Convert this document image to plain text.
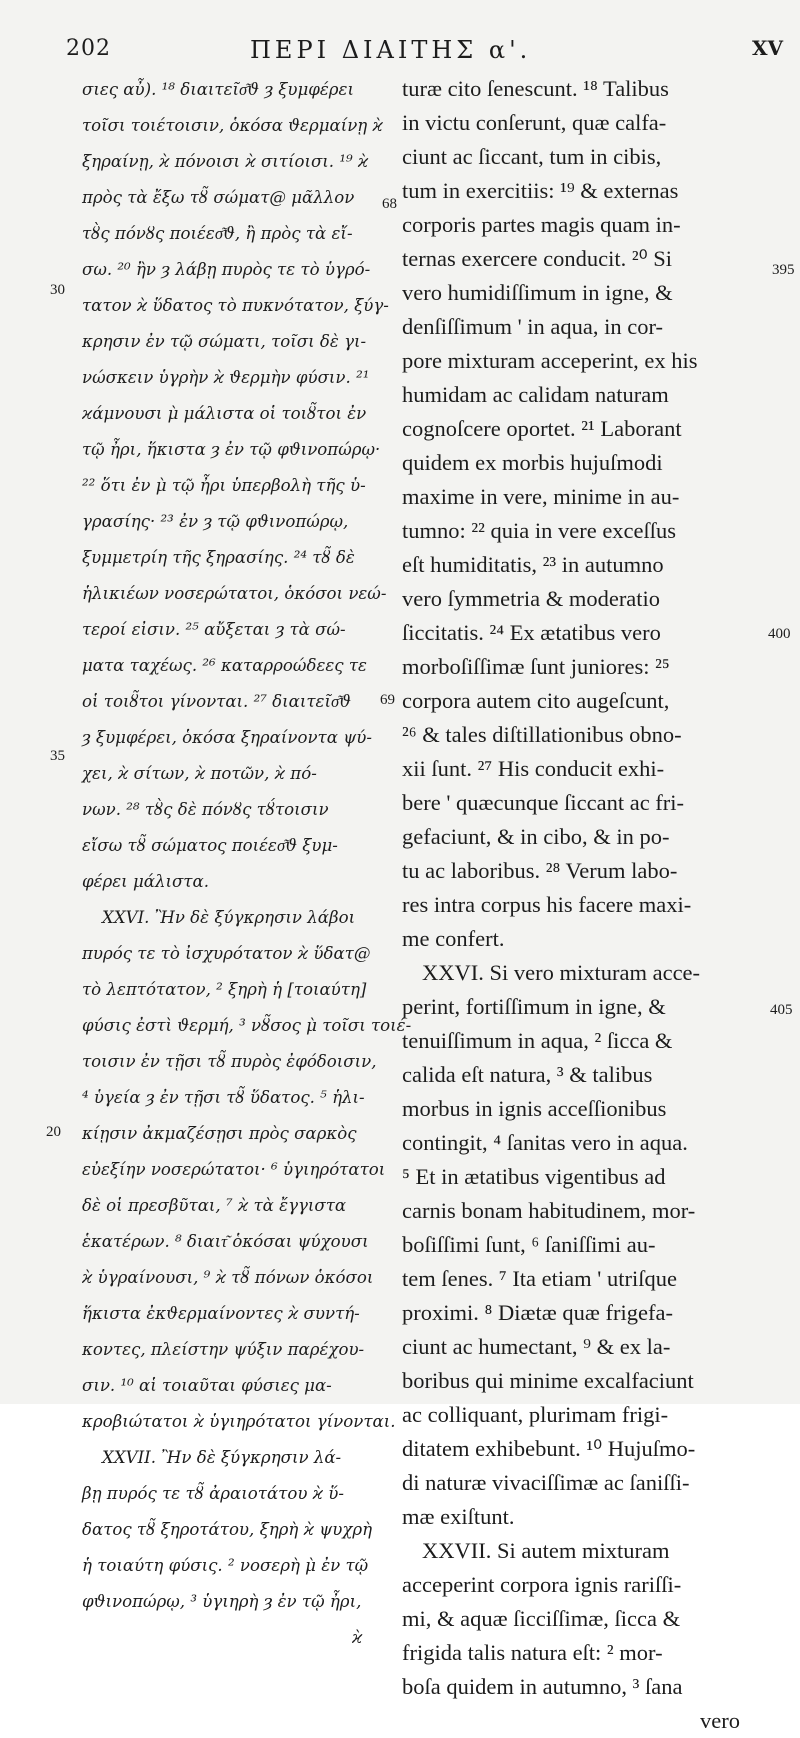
202	ΠΕΡΙ ΔΙΑΙΤΗΣ α'.	XV
σιες αὖ). ¹⁸ διαιτεῖσ͂ϑ ȝ ξυμφέρει
τοῖσι τοιέτοισιν, ὁκόσα ϑερμαίνῃ ϰ̀
ξηραίνῃ, ϰ̀ πόνοισι ϰ̀ σιτίοισι. ¹⁹ ϰ̀
πρὸς τὰ ἔξω τȣ̃ σώματ@ μᾶλλον
τȣ̀ς πόνȣς ποιέεσ͂ϑ, ἢ πρὸς τὰ εἴ-
σω. ²⁰ ἢν ȝ λάβῃ πυρὸς τε τὸ ὑγρό-
τατον ϰ̀ ὕδατος τὸ πυκνότατον, ξύγ-
κρησιν ἐν τῷ σώματι, τοῖσι δὲ γι-
νώσκειν ὑγρὴν ϰ̀ ϑερμὴν φύσιν. ²¹
ϰάμνουσι μ̀ μάλιστα οἱ τοιȣ̃τοι ἐν
τῷ ἦρι, ἥκιστα ȝ ἐν τῷ φϑινοπώρῳ·
²² ὅτι ἐν μ̀ τῷ ἦρι ὑπερβολὴ τῆς ὑ-
γρασίης· ²³ ἐν ȝ τῷ φϑινοπώρῳ,
ξυμμετρίη τῆς ξηρασίης. ²⁴ τȣ̃ δὲ
ἡλικιέων νοσερώτατοι, ὁκόσοι νεώ-
τεροί εἰσιν. ²⁵ αὔξεται ȝ τὰ σώ-
ματα ταχέως. ²⁶ καταρροώδεες τε
οἱ τοιȣ̃τοι γίνονται. ²⁷ διαιτεῖσ͂ϑ
ȝ ξυμφέρει, ὁκόσα ξηραίνοντα ψύ-
χει, ϰ̀ σίτων, ϰ̀ ποτῶν, ϰ̀ πό-
νων. ²⁸ τȣ̀ς δὲ πόνȣς τȣ́τοισιν
εἴσω τȣ̃ σώματος ποιέεσ͂ϑ ξυμ-
φέρει μάλιστα.
XXVI. Ἢν δὲ ξύγκρησιν λάβοι
πυρός τε τὸ ἰσχυρότατον ϰ̀ ὕδατ@
τὸ λεπτότατον, ² ξηρὴ ἡ [τοιαύτη]
φύσις ἐστὶ ϑερμή, ³ νȣ̃σος μ̀ τοῖσι τοιέ-
τοισιν ἐν τῇσι τȣ̃ πυρὸς ἐφόδοισιν,
⁴ ὑγεία ȝ ἐν τῇσι τȣ̃ ὕδατος. ⁵ ἡλι-
κίῃσιν ἀκμαζέσῃσι πρὸς σαρκὸς
εὐεξίην νοσερώτατοι· ⁶ ὑγιηρότατοι
δὲ οἱ πρεσβῦται, ⁷ ϰ̀ τὰ ἔγγιστα
ἑκατέρων. ⁸ διαιτ͂ ὁκόσαι ψύχουσι
ϰ̀ ὑγραίνουσι, ⁹ ϰ̀ τȣ̃ πόνων ὁκόσοι
ἥκιστα ἐκϑερμαίνοντες ϰ̀ συντή-
κοντες, πλείστην ψύξιν παρέχου-
σιν. ¹⁰ αἱ τοιαῦται φύσιες μα-
κροβιώτατοι ϰ̀ ὑγιηρότατοι γίνονται.
XXVII. Ἢν δὲ ξύγκρησιν λά-
βῃ πυρός τε τȣ̃ ἀραιοτάτου ϰ̀ ὕ-
δατος τȣ̃ ξηροτάτου, ξηρὴ ϰ̀ ψυχρὴ
ἡ τοιαύτη φύσις. ² νοσερὴ μ̀ ἐν τῷ
φϑινοπώρῳ, ³ ὑγιηρὴ ȝ ἐν τῷ ἦρι,
ϰ̀
turæ cito ſenescunt. ¹⁸ Talibus
in victu conſerunt, quæ calfa-
ciunt ac ſiccant, tum in cibis,
tum in exercitiis: ¹⁹ & externas
corporis partes magis quam in-
ternas exercere conducit. ²⁰ Si
vero humidiſſimum in igne, &
denſiſſimum ' in aqua, in cor-
pore mixturam acceperint, ex his
humidam ac calidam naturam
cognoſcere oportet. ²¹ Laborant
quidem ex morbis hujuſmodi
maxime in vere, minime in au-
tumno: ²² quia in vere exceſſus
eſt humiditatis, ²³ in autumno
vero ſymmetria & moderatio
ſiccitatis. ²⁴ Ex ætatibus vero
morboſiſſimæ ſunt juniores: ²⁵
corpora autem cito augeſcunt,
²⁶ & tales diſtillationibus obno-
xii ſunt. ²⁷ His conducit exhi-
bere ' quæcunque ſiccant ac fri-
gefaciunt, & in cibo, & in po-
tu ac laboribus. ²⁸ Verum labo-
res intra corpus his facere maxi-
me confert.
XXVI. Si vero mixturam acce-
perint, fortiſſimum in igne, &
tenuiſſimum in aqua, ² ſicca &
calida eſt natura, ³ & talibus
morbus in ignis acceſſionibus
contingit, ⁴ ſanitas vero in aqua.
⁵ Et in ætatibus vigentibus ad
carnis bonam habitudinem, mor-
boſiſſimi ſunt, ⁶ ſaniſſimi au-
tem ſenes. ⁷ Ita etiam ' utriſque
proximi. ⁸ Diætæ quæ frigefa-
ciunt ac humectant, ⁹ & ex la-
boribus qui minime excalfaciunt
ac colliquant, plurimam frigi-
ditatem exhibebunt. ¹⁰ Hujuſmo-
di naturæ vivaciſſimæ ac ſaniſſi-
mæ exiſtunt.
XXVII. Si autem mixturam
acceperint corpora ignis rariſſi-
mi, & aquæ ſicciſſimæ, ſicca &
frigida talis natura eſt: ² mor-
boſa quidem in autumno, ³ ſana
vero
30
35
20
68
69
395
400
405
